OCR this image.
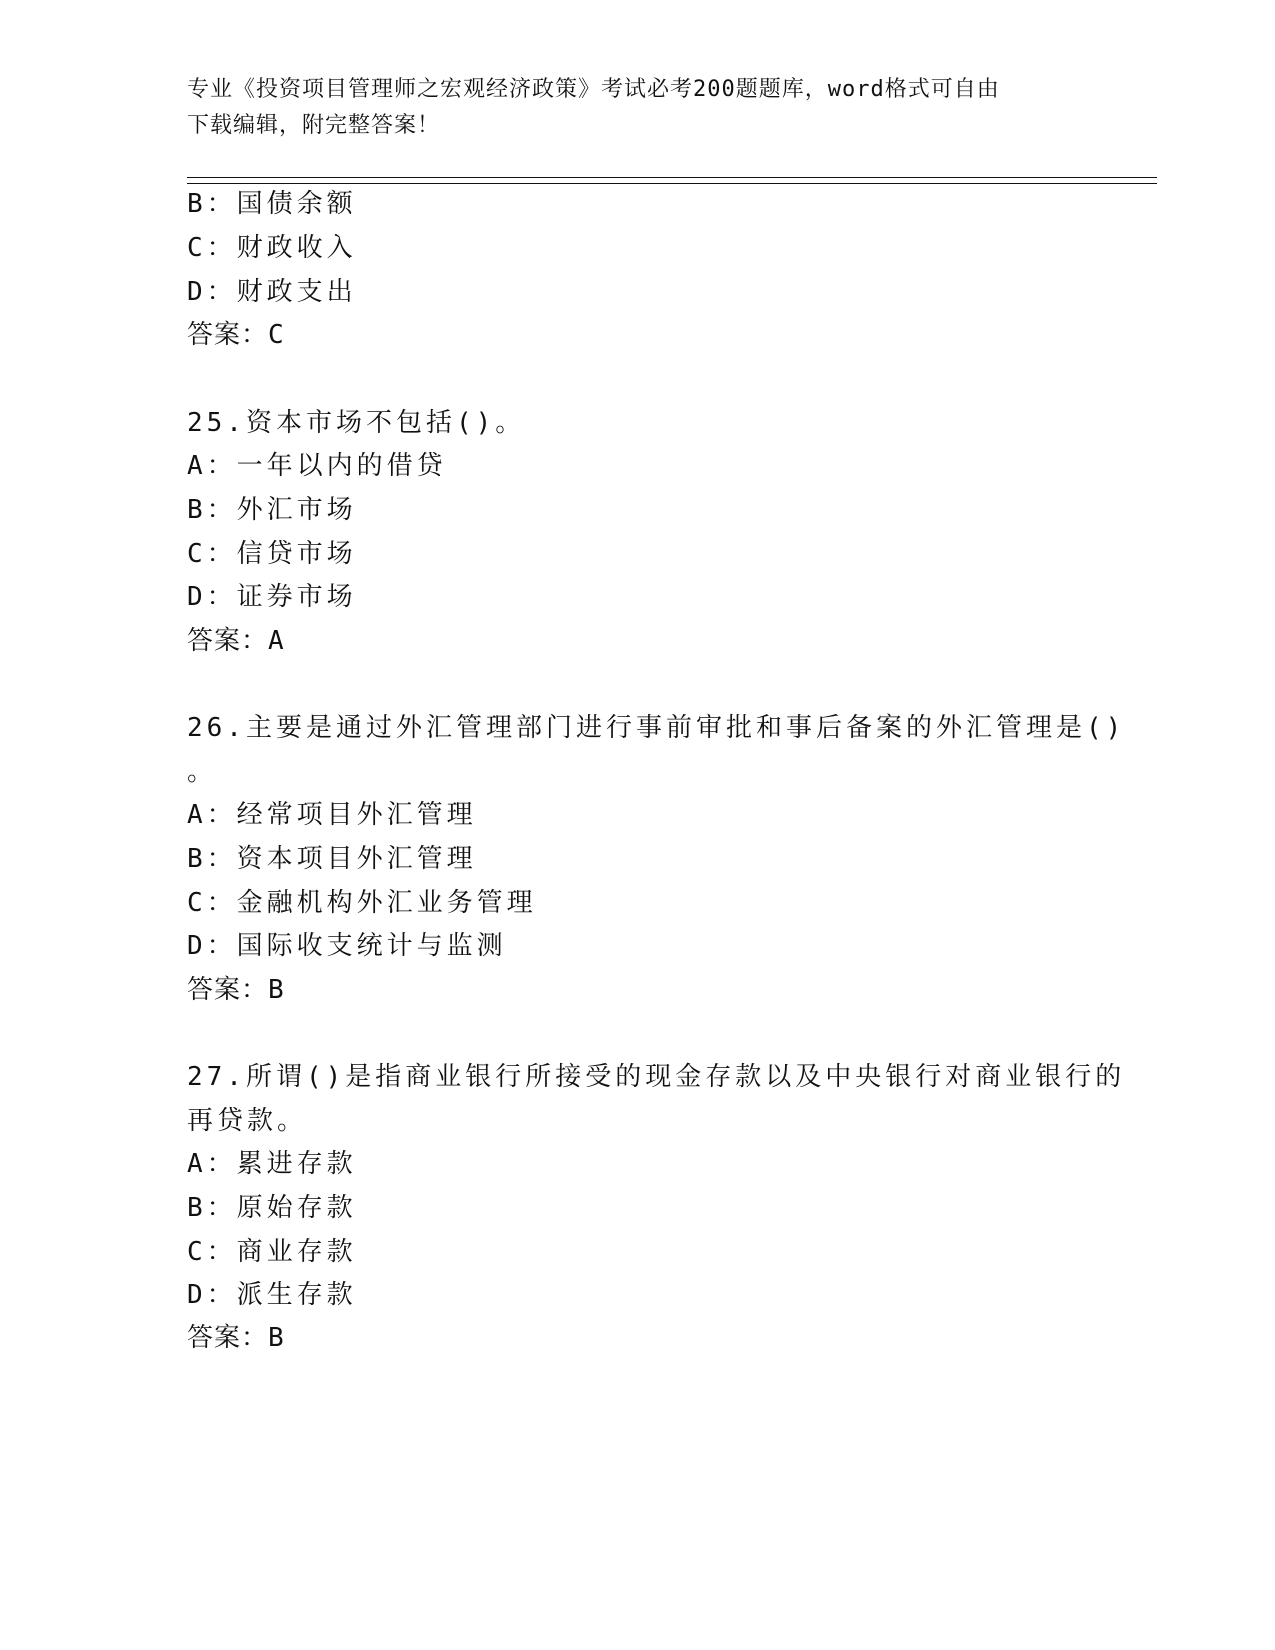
专业《投资项目管理师之宏观经济政策》考试必考200题题库，word格式可自由
下载编辑，附完整答案！
B：国债余额
C：财政收入
D：财政支出
答案：C
25.资本市场不包括()。
A：一年以内的借贷
B：外汇市场
C：信贷市场
D：证券市场
答案：A
26.主要是通过外汇管理部门进行事前审批和事后备案的外汇管理是()
。
A：经常项目外汇管理
B：资本项目外汇管理
C：金融机构外汇业务管理
D：国际收支统计与监测
答案：B
27.所谓()是指商业银行所接受的现金存款以及中央银行对商业银行的
再贷款。
A：累进存款
B：原始存款
C：商业存款
D：派生存款
答案：B
